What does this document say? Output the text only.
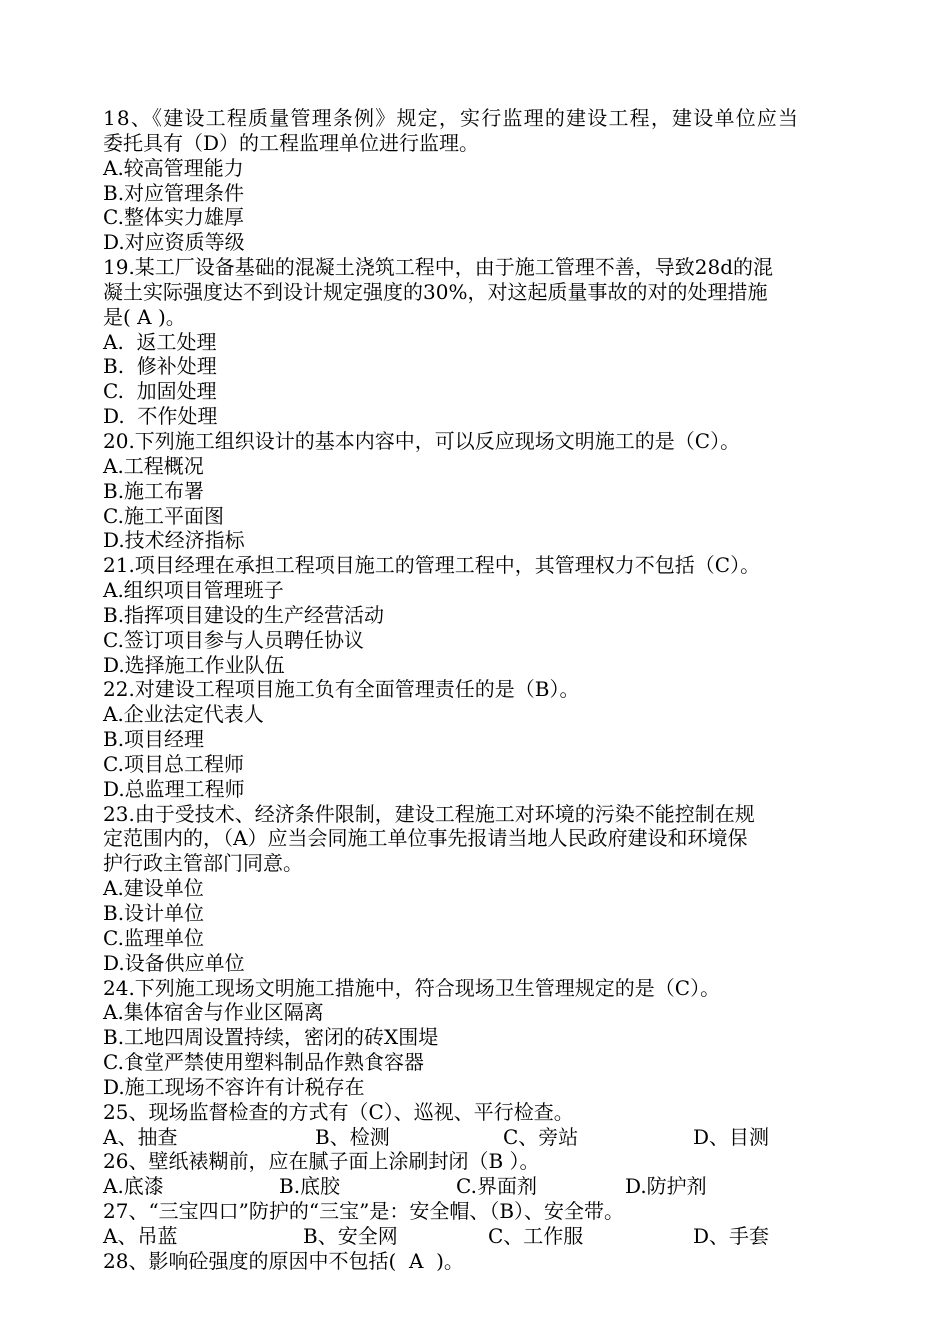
18、《建设工程质量管理条例》规定，实行监理的建设工程，建设单位应当
委托具有（D）的工程监理单位进行监理。
A.较高管理能力
B.对应管理条件
C.整体实力雄厚
D.对应资质等级
19.某工厂设备基础的混凝土浇筑工程中，由于施工管理不善，导致28d的混
凝土实际强度达不到设计规定强度的30%，对这起质量事故的对的处理措施
是( A )。
A.  返工处理
B.  修补处理
C.  加固处理
D.  不作处理
20.下列施工组织设计的基本内容中，可以反应现场文明施工的是（C）。
A.工程概况
B.施工布署
C.施工平面图
D.技术经济指标
21.项目经理在承担工程项目施工的管理工程中，其管理权力不包括（C）。
A.组织项目管理班子
B.指挥项目建设的生产经营活动
C.签订项目参与人员聘任协议
D.选择施工作业队伍
22.对建设工程项目施工负有全面管理责任的是（B）。
A.企业法定代表人
B.项目经理
C.项目总工程师
D.总监理工程师
23.由于受技术、经济条件限制，建设工程施工对环境的污染不能控制在规
定范围内的，（A）应当会同施工单位事先报请当地人民政府建设和环境保
护行政主管部门同意。
A.建设单位
B.设计单位
C.监理单位
D.设备供应单位
24.下列施工现场文明施工措施中，符合现场卫生管理规定的是（C）。
A.集体宿舍与作业区隔离
B.工地四周设置持续，密闭的砖X围堤
C.食堂严禁使用塑料制品作熟食容器
D.施工现场不容许有计税存在
25、现场监督检查的方式有（C）、巡视、平行检查。
A、抽查	B、检测	C、旁站	D、目测
26、壁纸裱糊前，应在腻子面上涂刷封闭（B ）。
A.底漆	B.底胶	C.界面剂	D.防护剂
27、“三宝四口”防护的“三宝”是：安全帽、（B）、安全带。
A、吊蓝	B、安全网	C、工作服	D、手套
28、影响砼强度的原因中不包括(  A  )。
